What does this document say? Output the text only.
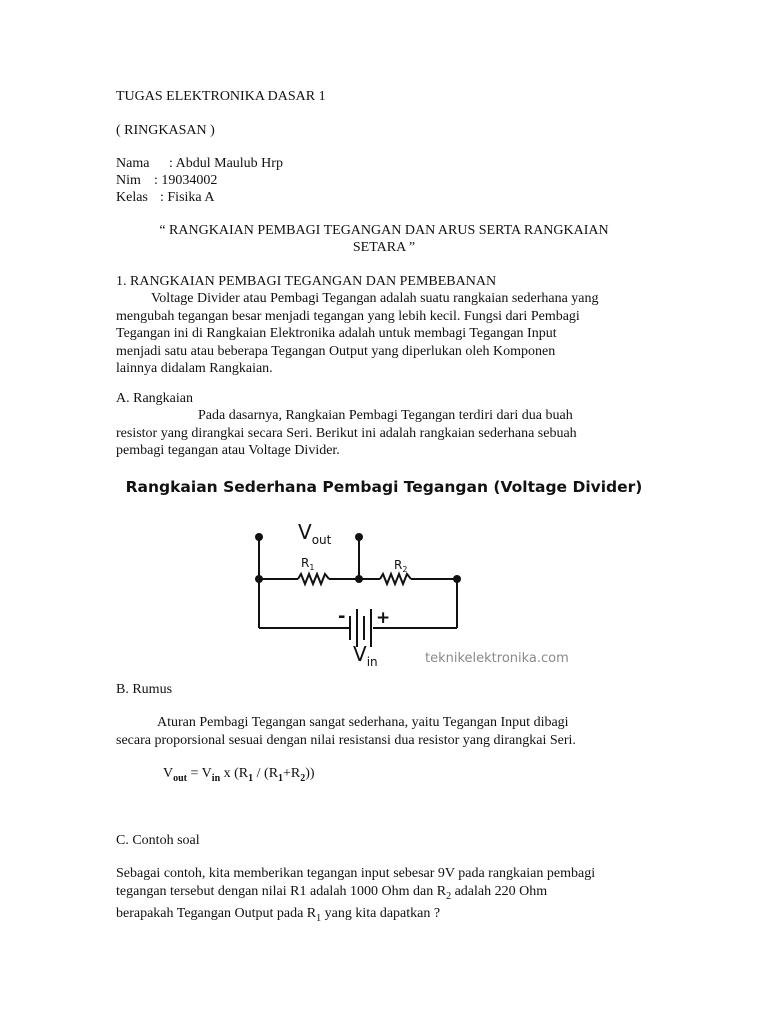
TUGAS ELEKTRONIKA DASAR 1
( RINGKASAN )
Nama : Abdul Maulub Hrp
Nim : 19034002
Kelas : Fisika A
“ RANGKAIAN PEMBAGI TEGANGAN DAN ARUS SERTA RANGKAIAN
SETARA ”
1. RANGKAIAN PEMBAGI TEGANGAN DAN PEMBEBANAN
Voltage Divider atau Pembagi Tegangan adalah suatu rangkaian sederhana yang
mengubah tegangan besar menjadi tegangan yang lebih kecil. Fungsi dari Pembagi
Tegangan ini di Rangkaian Elektronika adalah untuk membagi Tegangan Input
menjadi satu atau beberapa Tegangan Output yang diperlukan oleh Komponen
lainnya didalam Rangkaian.
A. Rangkaian
Pada dasarnya, Rangkaian Pembagi Tegangan terdiri dari dua buah
resistor yang dirangkai secara Seri. Berikut ini adalah rangkaian sederhana sebuah
pembagi tegangan atau Voltage Divider.
Rangkaian Sederhana Pembagi Tegangan (Voltage Divider)
$V_{out}$
$R_1$	$R_2$
- +
$V_{in}$	teknikelektronika.com
B. Rumus
Aturan Pembagi Tegangan sangat sederhana, yaitu Tegangan Input dibagi
secara proporsional sesuai dengan nilai resistansi dua resistor yang dirangkai Seri.
$V_{out} = V_{in}$ x $(R_1 / (R_1+R_2))$
C. Contoh soal
Sebagai contoh, kita memberikan tegangan input sebesar 9V pada rangkaian pembagi
tegangan tersebut dengan nilai R1 adalah 1000 Ohm dan $R_2$ adalah 220 Ohm
berapakah Tegangan Output pada $R_1$ yang kita dapatkan ?
